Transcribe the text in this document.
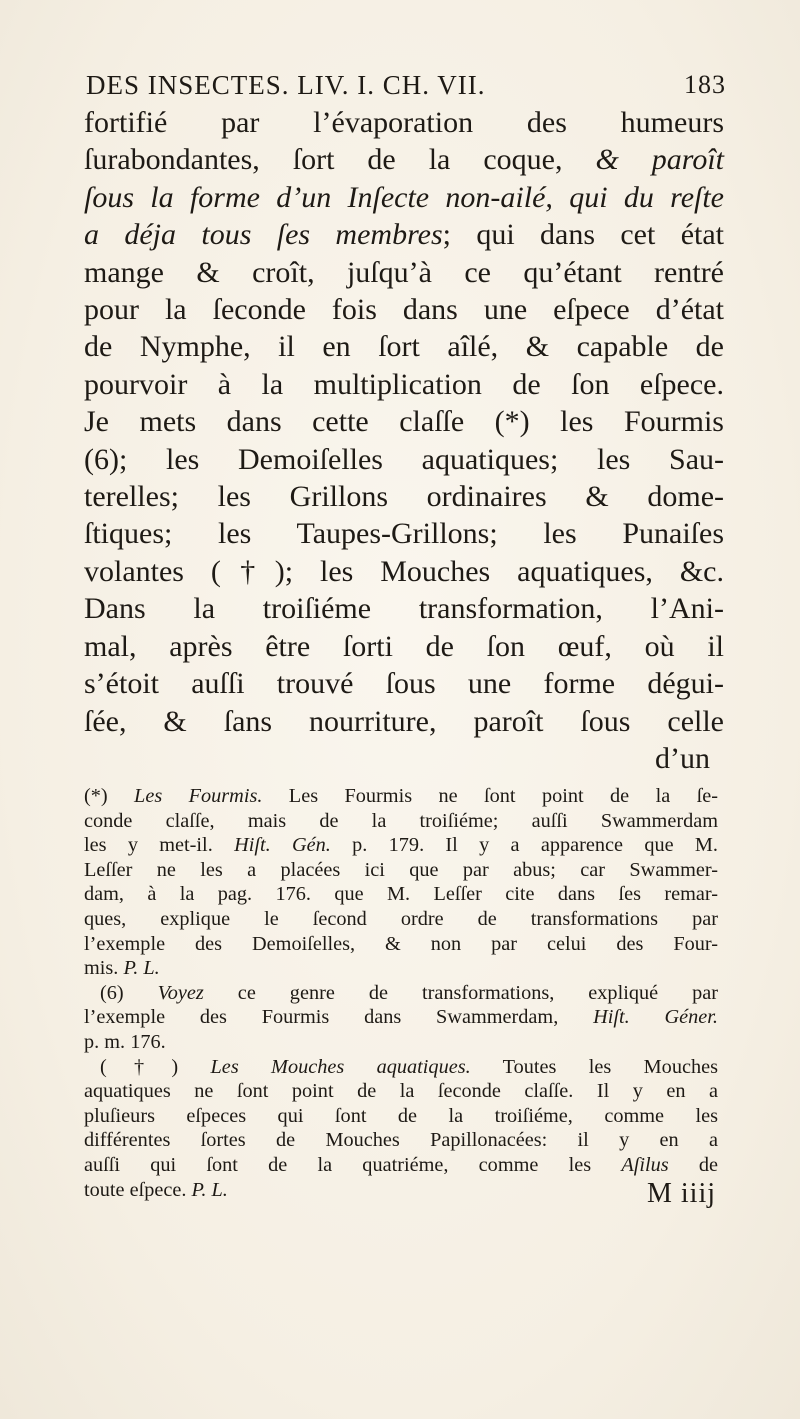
DES INSECTES. LIV. I. CH. VII.	183
fortifié par l’évaporation des humeurs
ſurabondantes, ſort de la coque, & paroît
ſous la forme d’un Inſecte non-ailé, qui du reſte
a déja tous ſes membres; qui dans cet état
mange & croît, juſqu’à ce qu’étant rentré
pour la ſeconde fois dans une eſpece d’état
de Nymphe, il en ſort aîlé, & capable de
pourvoir à la multiplication de ſon eſpece.
Je mets dans cette claſſe (*) les Fourmis
(6); les Demoiſelles aquatiques; les Sau-
terelles; les Grillons ordinaires & dome-
ſtiques; les Taupes-Grillons; les Punaiſes
volantes (†); les Mouches aquatiques, &c.
Dans la troiſiéme transformation, l’Ani-
mal, après être ſorti de ſon œuf, où il
s’étoit auſſi trouvé ſous une forme dégui-
ſée, & ſans nourriture, paroît ſous celle
d’un
(*) Les Fourmis. Les Fourmis ne ſont point de la ſe-
conde claſſe, mais de la troiſiéme; auſſi Swammerdam
les y met-il. Hiſt. Gén. p. 179. Il y a apparence que M.
Leſſer ne les a placées ici que par abus; car Swammer-
dam, à la pag. 176. que M. Leſſer cite dans ſes remar-
ques, explique le ſecond ordre de transformations par
l’exemple des Demoiſelles, & non par celui des Four-
mis. P. L.
(6) Voyez ce genre de transformations, expliqué par
l’exemple des Fourmis dans Swammerdam, Hiſt. Géner.
p. m. 176.
(†) Les Mouches aquatiques. Toutes les Mouches
aquatiques ne ſont point de la ſeconde claſſe. Il y en a
pluſieurs eſpeces qui ſont de la troiſiéme, comme les
différentes ſortes de Mouches Papillonacées: il y en a
auſſi qui ſont de la quatriéme, comme les Aſilus de
toute eſpece. P. L.	M iiij
